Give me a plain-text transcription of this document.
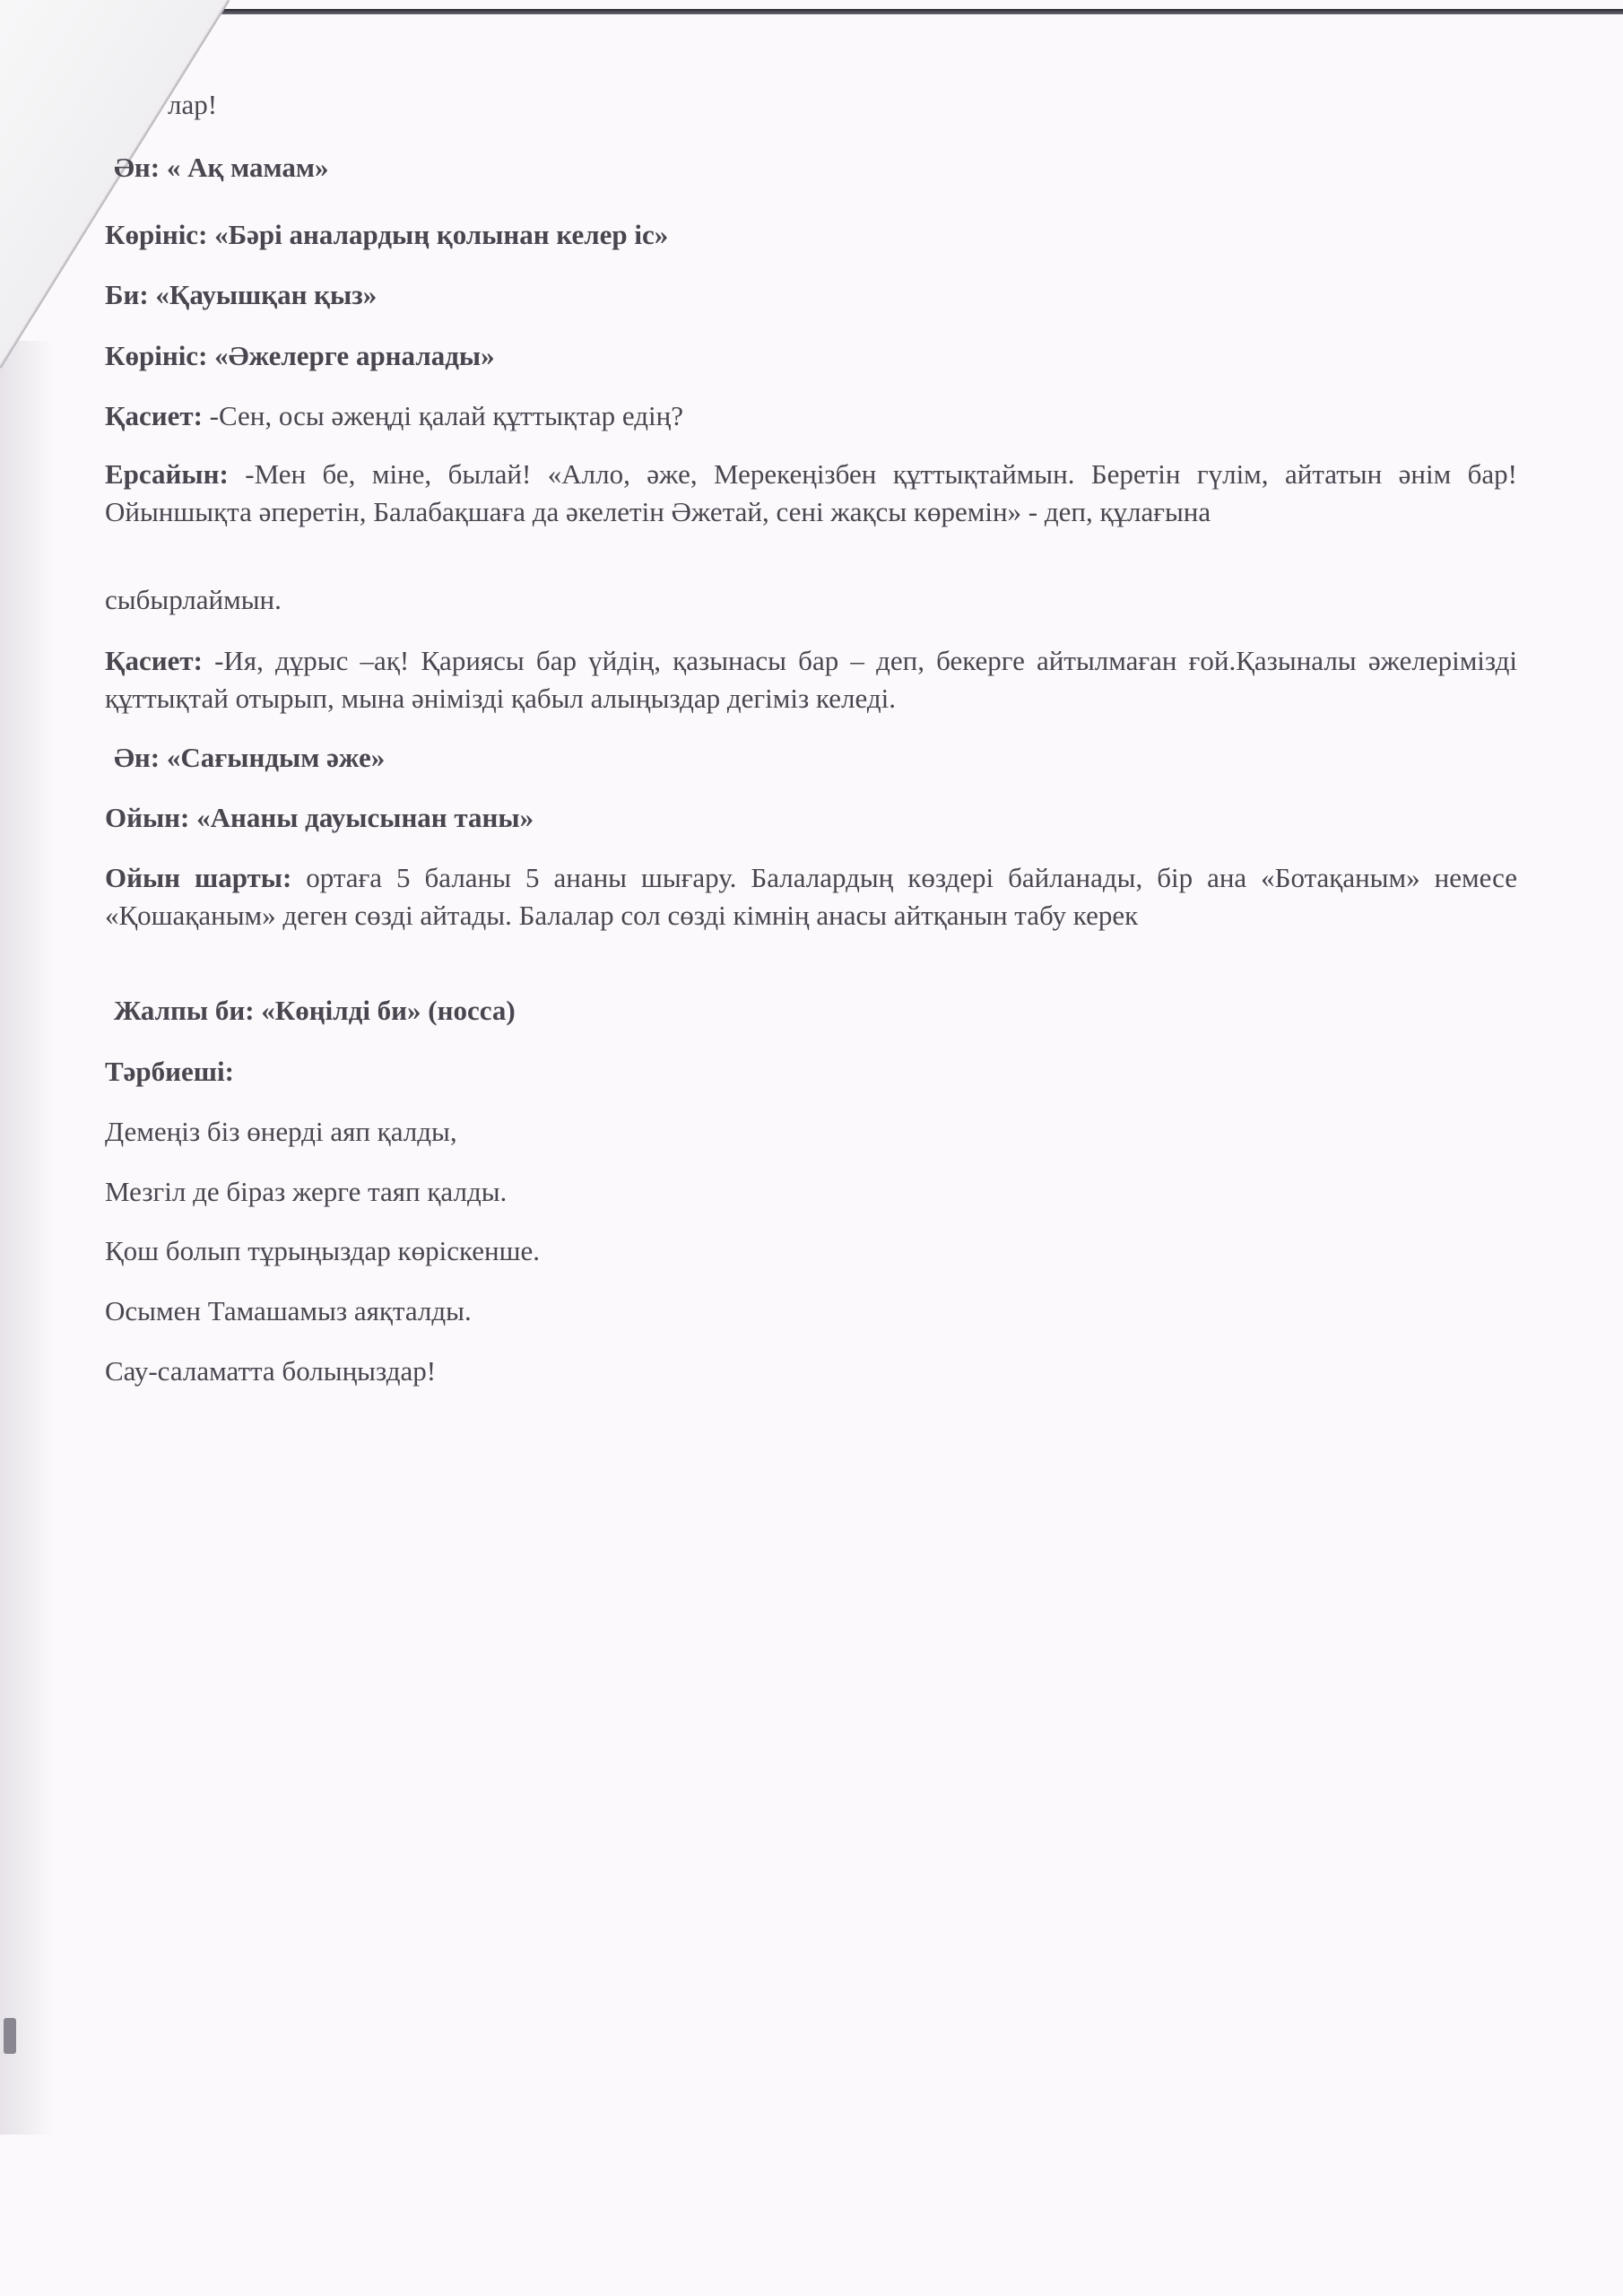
лар!

Ән: « Ақ мамам»

Көрініс: «Бәрі аналардың қолынан келер іс»

Би: «Қауышқан қыз»

Көрініс: «Әжелерге арналады»

Қасиет: -Сен, осы әжеңді қалай құттықтар едің?

Ерсайын: -Мен бе, міне, былай! «Алло, әже, Мерекеңізбен құттықтаймын. Беретін гүлім, айтатын әнім бар! Ойыншықта әперетін, Балабақшаға да әкелетін Әжетай, сені жақсы көремін» - деп, құлағына

сыбырлаймын.

Қасиет: -Ия, дұрыс –ақ! Қариясы бар үйдің, қазынасы бар – деп, бекерге айтылмаған ғой.Қазыналы әжелерімізді құттықтай отырып, мына әнімізді қабыл алыңыздар дегіміз келеді.

Ән: «Сағындым әже»

Ойын: «Ананы дауысынан таны»

Ойын шарты: ортаға 5 баланы 5 ананы шығару. Балалардың көздері байланады, бір ана «Ботақаным» немесе «Қошақаным» деген сөзді айтады. Балалар сол сөзді кімнің анасы айтқанын табу керек

Жалпы би: «Көңілді би» (носса)

Тәрбиеші:

Демеңіз біз өнерді аяп қалды,

Мезгіл де біраз жерге таяп қалды.

Қош болып тұрыңыздар көріскенше.

Осымен Тамашамыз аяқталды.

Сау-саламатта болыңыздар!
